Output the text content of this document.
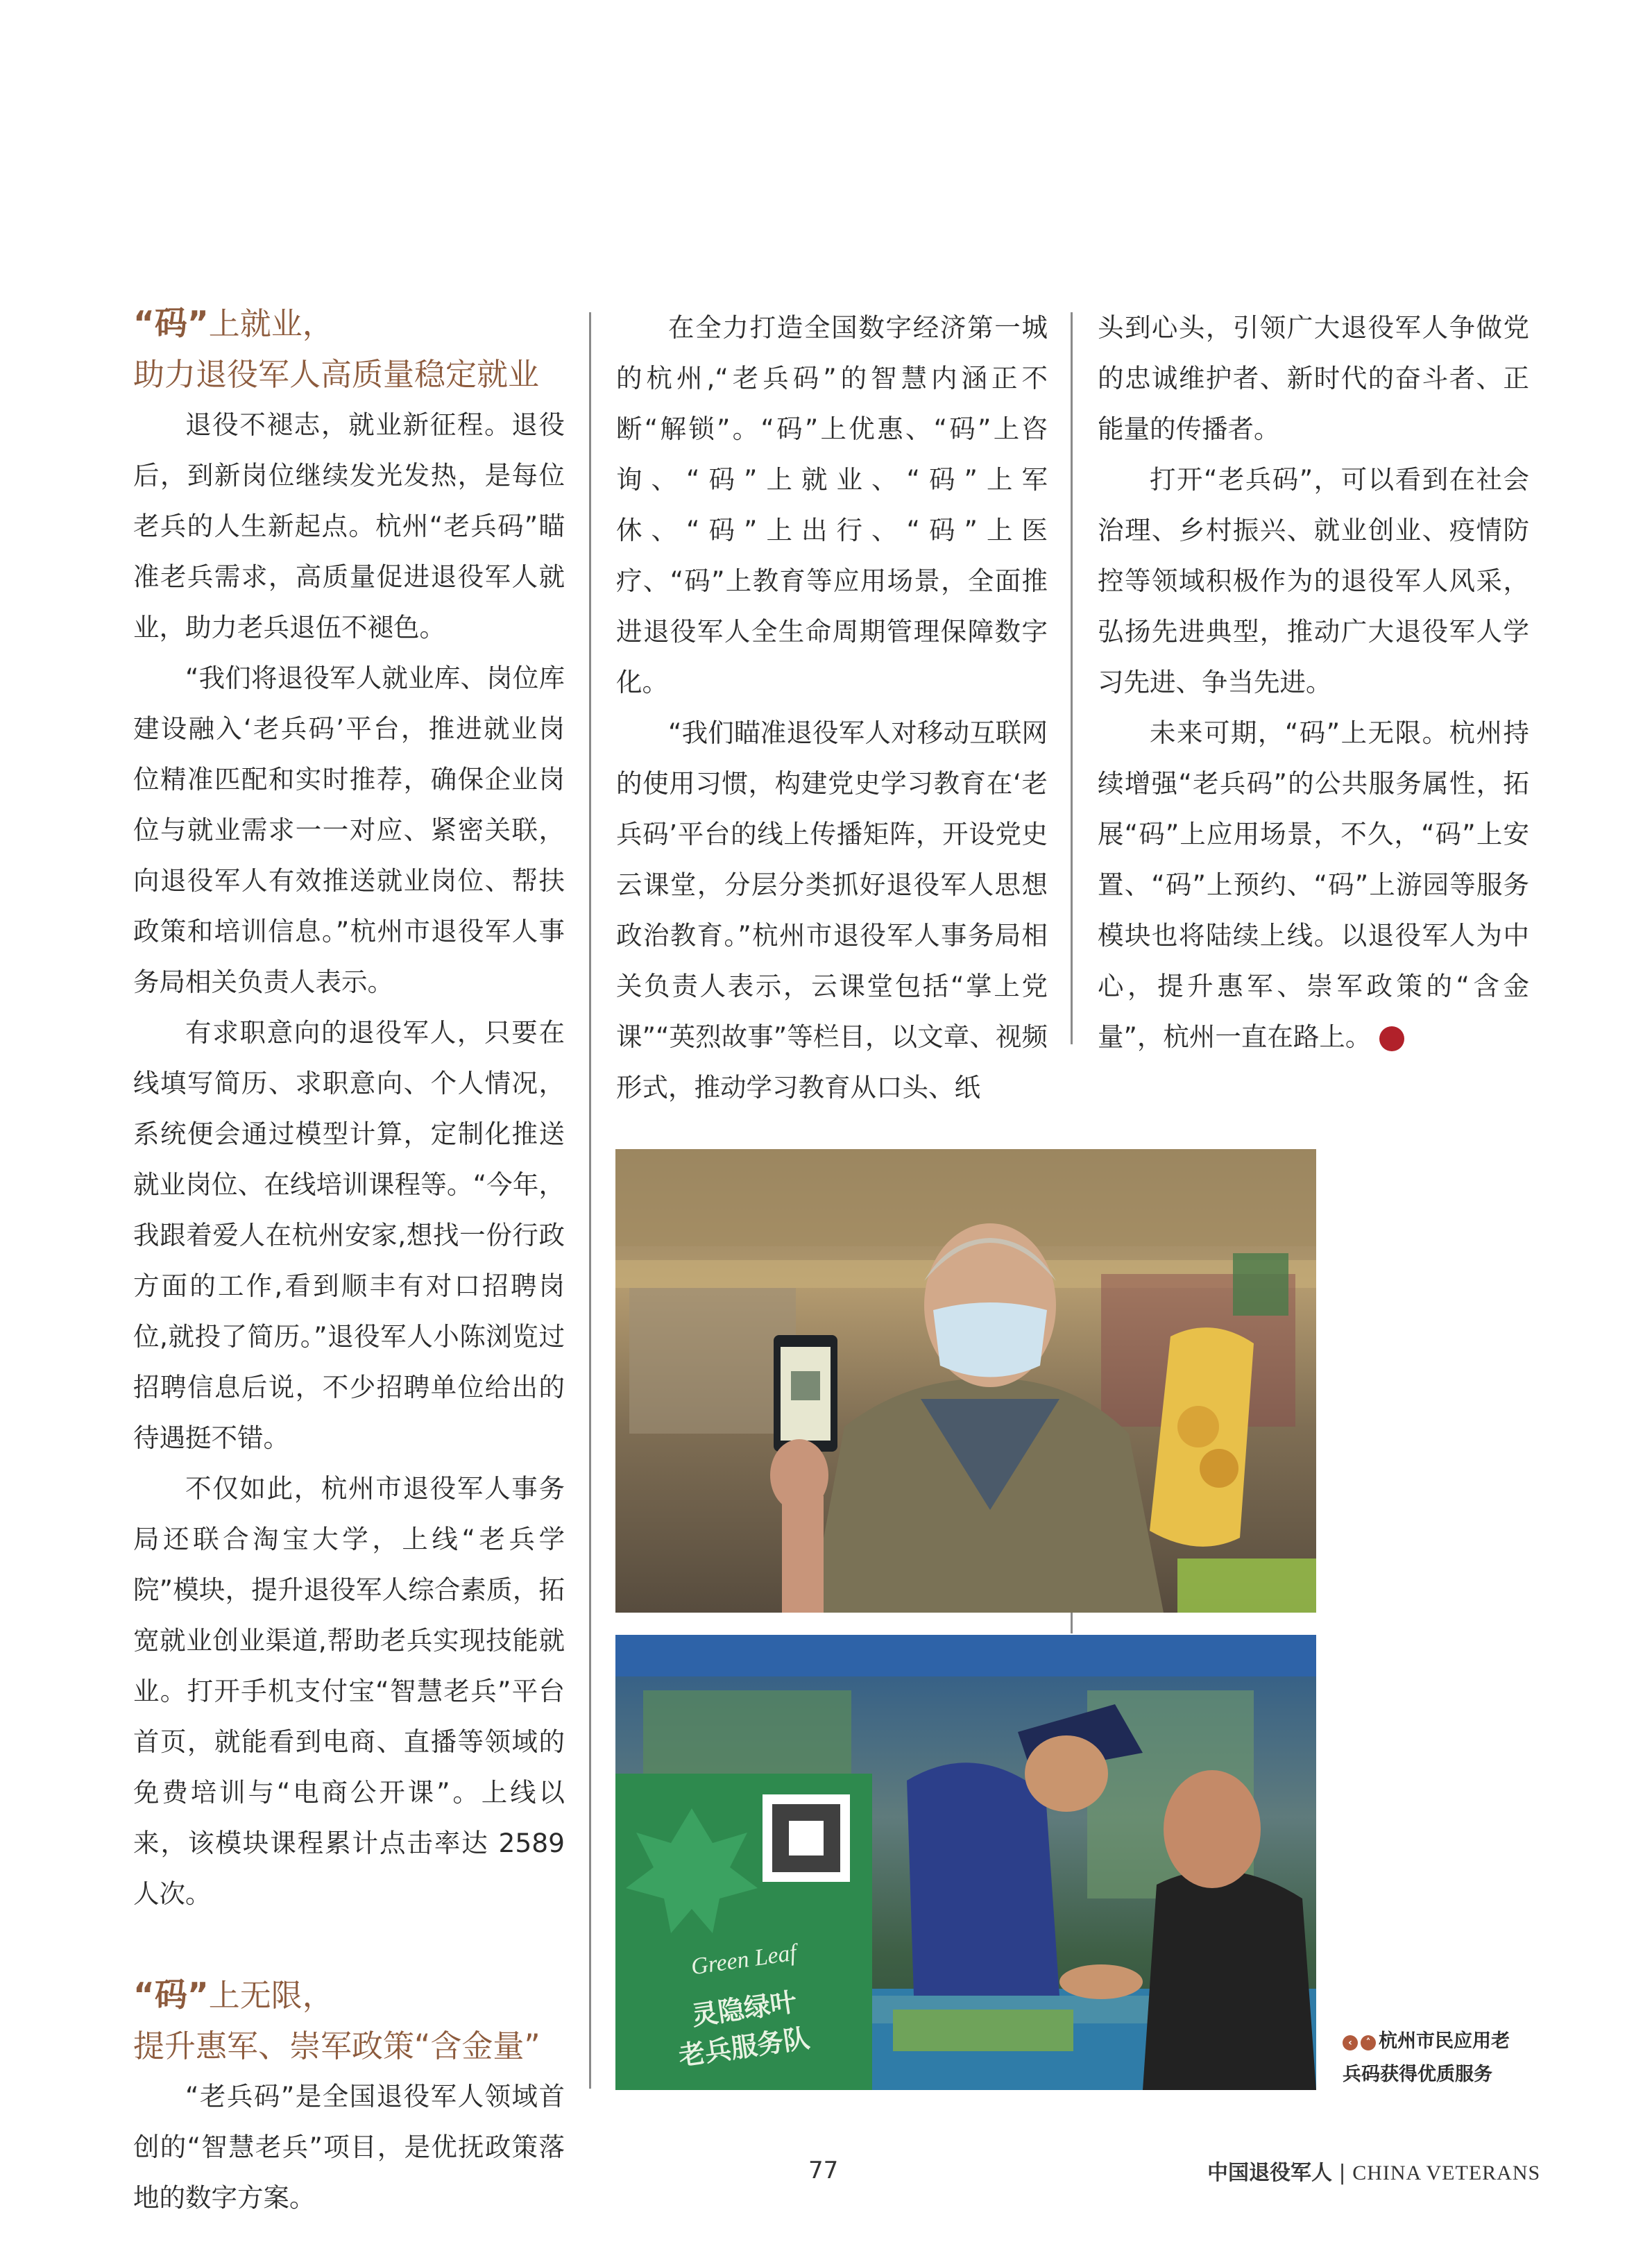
“码”上就业，
助力退役军人高质量稳定就业

退役不褪志，就业新征程。退役后，到新岗位继续发光发热，是每位老兵的人生新起点。杭州“老兵码”瞄准老兵需求，高质量促进退役军人就业，助力老兵退伍不褪色。

“我们将退役军人就业库、岗位库建设融入‘老兵码’平台，推进就业岗位精准匹配和实时推荐，确保企业岗位与就业需求一一对应、紧密关联，向退役军人有效推送就业岗位、帮扶政策和培训信息。”杭州市退役军人事务局相关负责人表示。

有求职意向的退役军人，只要在线填写简历、求职意向、个人情况，系统便会通过模型计算，定制化推送就业岗位、在线培训课程等。“今年，我跟着爱人在杭州安家,想找一份行政方面的工作,看到顺丰有对口招聘岗位,就投了简历。”退役军人小陈浏览过招聘信息后说，不少招聘单位给出的待遇挺不错。

不仅如此，杭州市退役军人事务局还联合淘宝大学，上线“老兵学院”模块，提升退役军人综合素质，拓宽就业创业渠道,帮助老兵实现技能就业。打开手机支付宝“智慧老兵”平台首页，就能看到电商、直播等领域的免费培训与“电商公开课”。上线以来，该模块课程累计点击率达 2589 人次。

“码”上无限，
提升惠军、崇军政策“含金量”

“老兵码”是全国退役军人领域首创的“智慧老兵”项目，是优抚政策落地的数字方案。

在全力打造全国数字经济第一城的杭州,“老兵码”的智慧内涵正不断“解锁”。“码”上优惠、“码”上咨询、“码”上就业、“码”上军休、“码”上出行、“码”上医疗、“码”上教育等应用场景，全面推进退役军人全生命周期管理保障数字化。

“我们瞄准退役军人对移动互联网的使用习惯，构建党史学习教育在‘老兵码’平台的线上传播矩阵，开设党史云课堂，分层分类抓好退役军人思想政治教育。”杭州市退役军人事务局相关负责人表示，云课堂包括“掌上党课”“英烈故事”等栏目，以文章、视频形式，推动学习教育从口头、纸

头到心头，引领广大退役军人争做党的忠诚维护者、新时代的奋斗者、正能量的传播者。

打开“老兵码”，可以看到在社会治理、乡村振兴、就业创业、疫情防控等领域积极作为的退役军人风采，弘扬先进典型，推动广大退役军人学习先进、争当先进。

未来可期，“码”上无限。杭州持续增强“老兵码”的公共服务属性，拓展“码”上应用场景，不久，“码”上安置、“码”上预约、“码”上游园等服务模块也将陆续上线。以退役军人为中心，提升惠军、崇军政策的“含金量”，杭州一直在路上。	V

Green Leaf
灵隐绿叶
老兵服务队	‹ ˄ 杭州市民应用老
兵码获得优质服务
77	中国退役军人 | CHINA VETERANS
